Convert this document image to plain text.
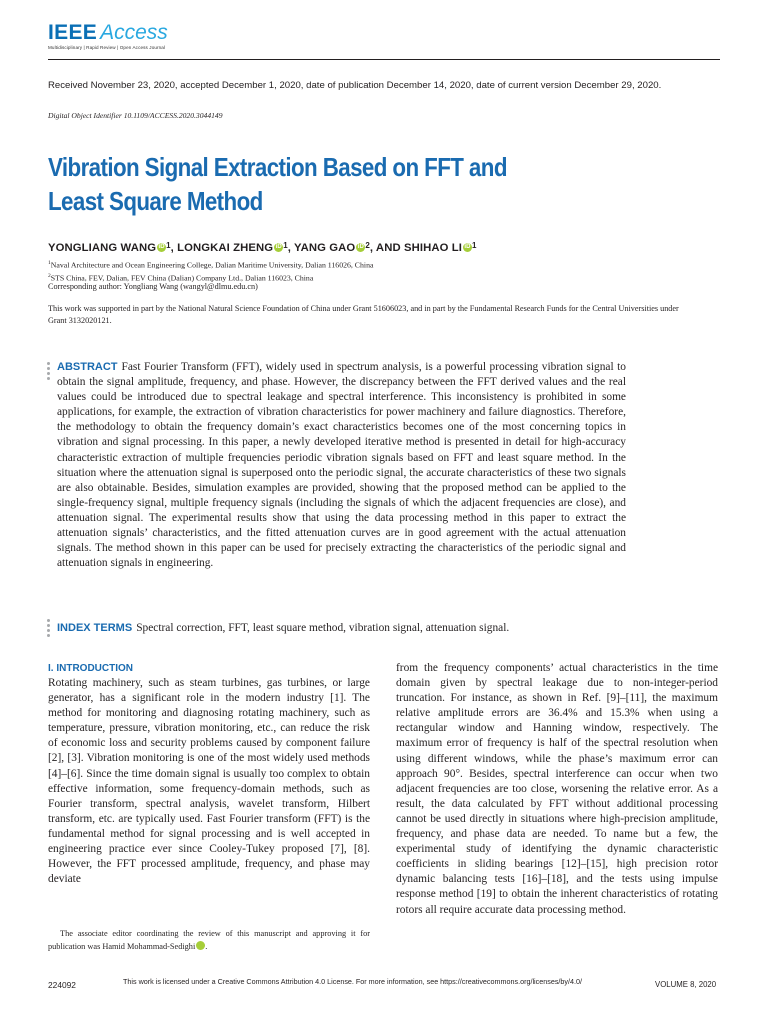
IEEE Access
Multidisciplinary | Rapid Review | Open Access Journal
Received November 23, 2020, accepted December 1, 2020, date of publication December 14, 2020, date of current version December 29, 2020.
Digital Object Identifier 10.1109/ACCESS.2020.3044149
Vibration Signal Extraction Based on FFT and
Least Square Method
YONGLIANG WANG $iD^1$, LONGKAI ZHENG $iD^1$, YANG GAO $iD^2$, AND SHIHAO LI $iD^1$
$^1$Naval Architecture and Ocean Engineering College, Dalian Maritime University, Dalian 116026, China
$^2$STS China, FEV, Dalian, FEV China (Dalian) Company Ltd., Dalian 116023, China
Corresponding author: Yongliang Wang (wangyl@dlmu.edu.cn)
This work was supported in part by the National Natural Science Foundation of China under Grant 51606023, and in part by the Fundamental Research Funds for the Central Universities under Grant 3132020121.
ABSTRACT Fast Fourier Transform (FFT), widely used in spectrum analysis, is a powerful processing vibration signal to obtain the signal amplitude, frequency, and phase. However, the discrepancy between the FFT derived values and the real values could be introduced due to spectral leakage and spectral interference. This inconsistency is prohibited in some applications, for example, the extraction of vibration characteristics for power machinery and failure diagnostics. Therefore, the methodology to obtain the frequency domain’s exact characteristics becomes one of the most concerning topics in vibration and signal processing. In this paper, a newly developed iterative method is presented in detail for high-accuracy characteristic extraction of multiple frequencies periodic vibration signals based on FFT and least square method. In the situation where the attenuation signal is superposed onto the periodic signal, the accurate characteristics of these two signals are also obtainable. Besides, simulation examples are provided, showing that the proposed method can be applied to the single-frequency signal, multiple frequency signals (including the signals of which the adjacent frequencies are close), and attenuation signal. The experimental results show that using the data processing method in this paper to extract the attenuation signals’ characteristics, and the fitted attenuation curves are in good agreement with the actual attenuation signals. The method shown in this paper can be used for precisely extracting the characteristics of the periodic signal and attenuation signals in engineering.
INDEX TERMS Spectral correction, FFT, least square method, vibration signal, attenuation signal.
I. INTRODUCTION
Rotating machinery, such as steam turbines, gas turbines, or large generator, has a significant role in the modern industry [1]. The method for monitoring and diagnosing rotating machinery, such as temperature, pressure, vibration monitoring, etc., can reduce the risk of economic loss and security problems caused by component failure [2], [3]. Vibration monitoring is one of the most widely used methods [4]–[6]. Since the time domain signal is usually too complex to obtain effective information, some frequency-domain methods, such as Fourier transform, spectral analysis, wavelet transform, Hilbert transform, etc. are typically used. Fast Fourier transform (FFT) is the fundamental method for signal processing and is well accepted in engineering practice ever since Cooley-Tukey proposed [7], [8]. However, the FFT processed amplitude, frequency, and phase may deviate
from the frequency components’ actual characteristics in the time domain given by spectral leakage due to non-integer-period truncation. For instance, as shown in Ref. [9]–[11], the maximum relative amplitude errors are 36.4% and 15.3% when using a rectangular window and Hanning window, respectively. The maximum error of frequency is half of the spectral resolution when using different windows, while the phase’s maximum error can approach 90°. Besides, spectral interference can occur when two adjacent frequencies are too close, worsening the relative error. As a result, the data calculated by FFT without additional processing cannot be used directly in situations where high-precision amplitude, frequency, and phase data are needed. To name but a few, the experimental study of identifying the dynamic characteristic coefficients in sliding bearings [12]–[15], high precision rotor dynamic balancing tests [16]–[18], and the tests using impulse response method [19] to obtain the inherent characteristics of rotating rotors all require accurate data processing method.
The associate editor coordinating the review of this manuscript and approving it for publication was Hamid Mohammad-Sedighi iD.
224092	This work is licensed under a Creative Commons Attribution 4.0 License. For more information, see https://creativecommons.org/licenses/by/4.0/	VOLUME 8, 2020
